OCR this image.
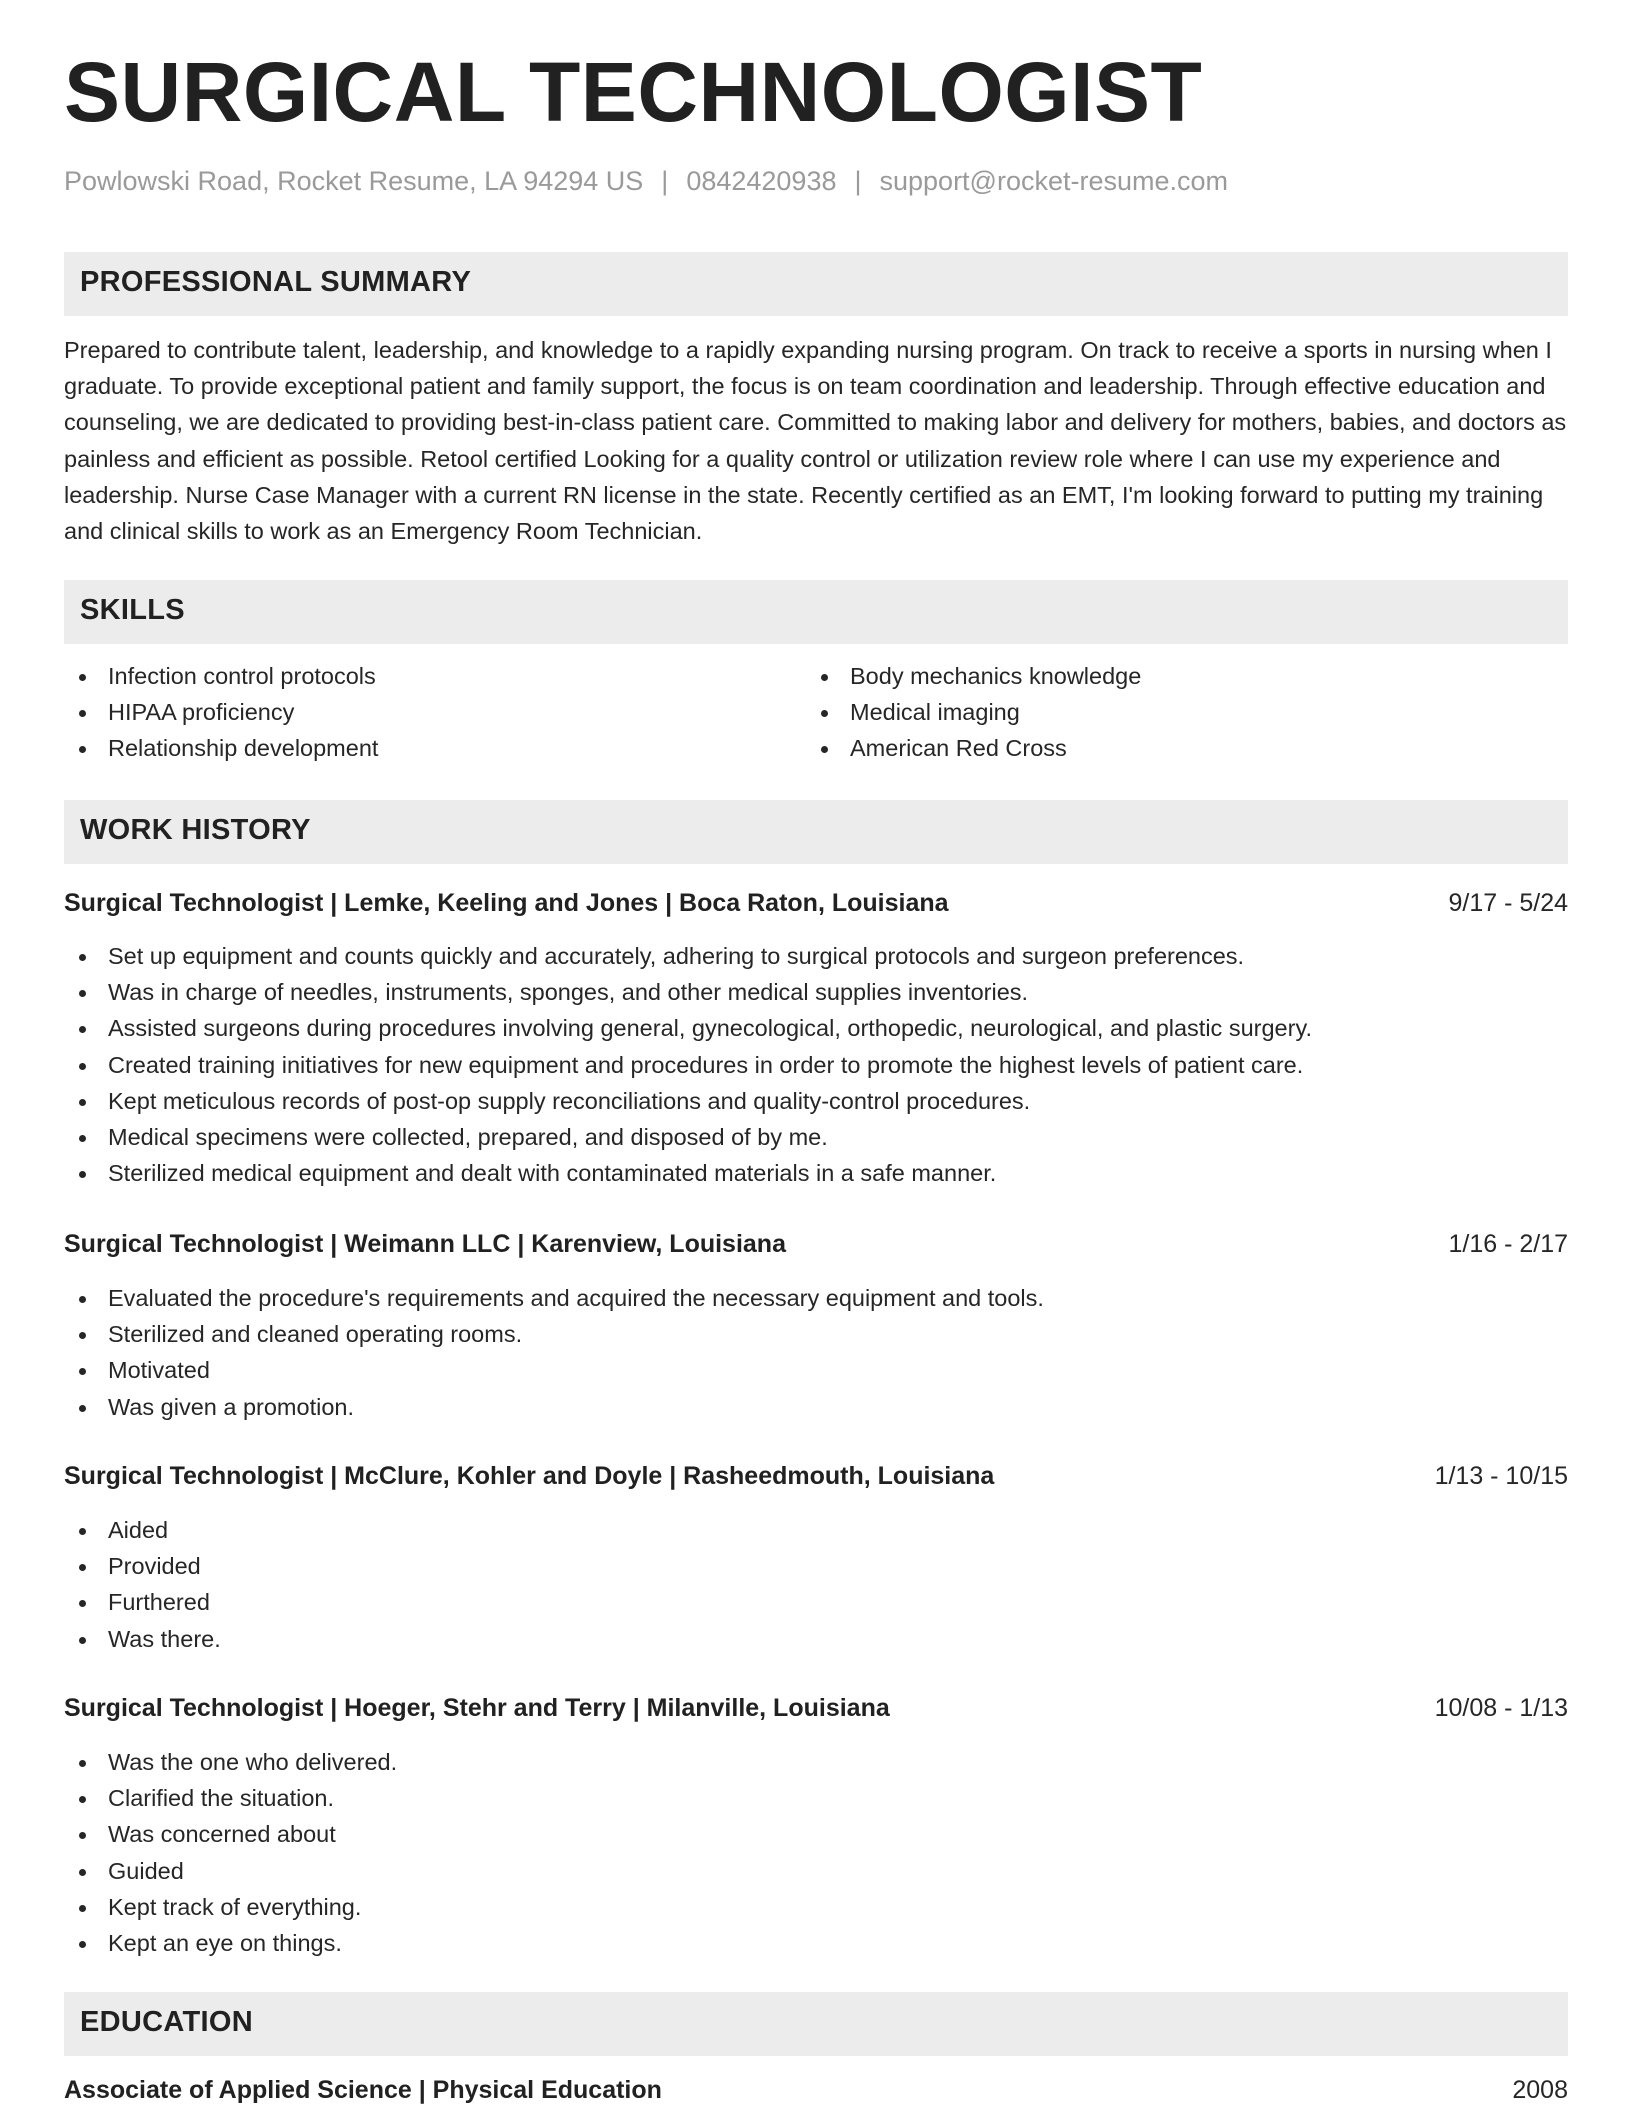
SURGICAL TECHNOLOGIST
Powlowski Road, Rocket Resume, LA 94294 US | 0842420938 | support@rocket-resume.com
PROFESSIONAL SUMMARY

Prepared to contribute talent, leadership, and knowledge to a rapidly expanding nursing program. On track to receive a sports in nursing when I graduate. To provide exceptional patient and family support, the focus is on team coordination and leadership. Through effective education and counseling, we are dedicated to providing best-in-class patient care. Committed to making labor and delivery for mothers, babies, and doctors as painless and efficient as possible. Retool certified Looking for a quality control or utilization review role where I can use my experience and leadership. Nurse Case Manager with a current RN license in the state. Recently certified as an EMT, I'm looking forward to putting my training and clinical skills to work as an Emergency Room Technician.

SKILLS
Infection control protocols
HIPAA proficiency
Relationship development
Body mechanics knowledge
Medical imaging
American Red Cross
WORK HISTORY
Surgical Technologist | Lemke, Keeling and Jones | Boca Raton, Louisiana	9/17 - 5/24
Set up equipment and counts quickly and accurately, adhering to surgical protocols and surgeon preferences.
Was in charge of needles, instruments, sponges, and other medical supplies inventories.
Assisted surgeons during procedures involving general, gynecological, orthopedic, neurological, and plastic surgery.
Created training initiatives for new equipment and procedures in order to promote the highest levels of patient care.
Kept meticulous records of post-op supply reconciliations and quality-control procedures.
Medical specimens were collected, prepared, and disposed of by me.
Sterilized medical equipment and dealt with contaminated materials in a safe manner.
Surgical Technologist | Weimann LLC | Karenview, Louisiana	1/16 - 2/17
Evaluated the procedure's requirements and acquired the necessary equipment and tools.
Sterilized and cleaned operating rooms.
Motivated
Was given a promotion.
Surgical Technologist | McClure, Kohler and Doyle | Rasheedmouth, Louisiana	1/13 - 10/15
Aided
Provided
Furthered
Was there.
Surgical Technologist | Hoeger, Stehr and Terry | Milanville, Louisiana	10/08 - 1/13
Was the one who delivered.
Clarified the situation.
Was concerned about
Guided
Kept track of everything.
Kept an eye on things.
EDUCATION
Associate of Applied Science | Physical Education	2008
